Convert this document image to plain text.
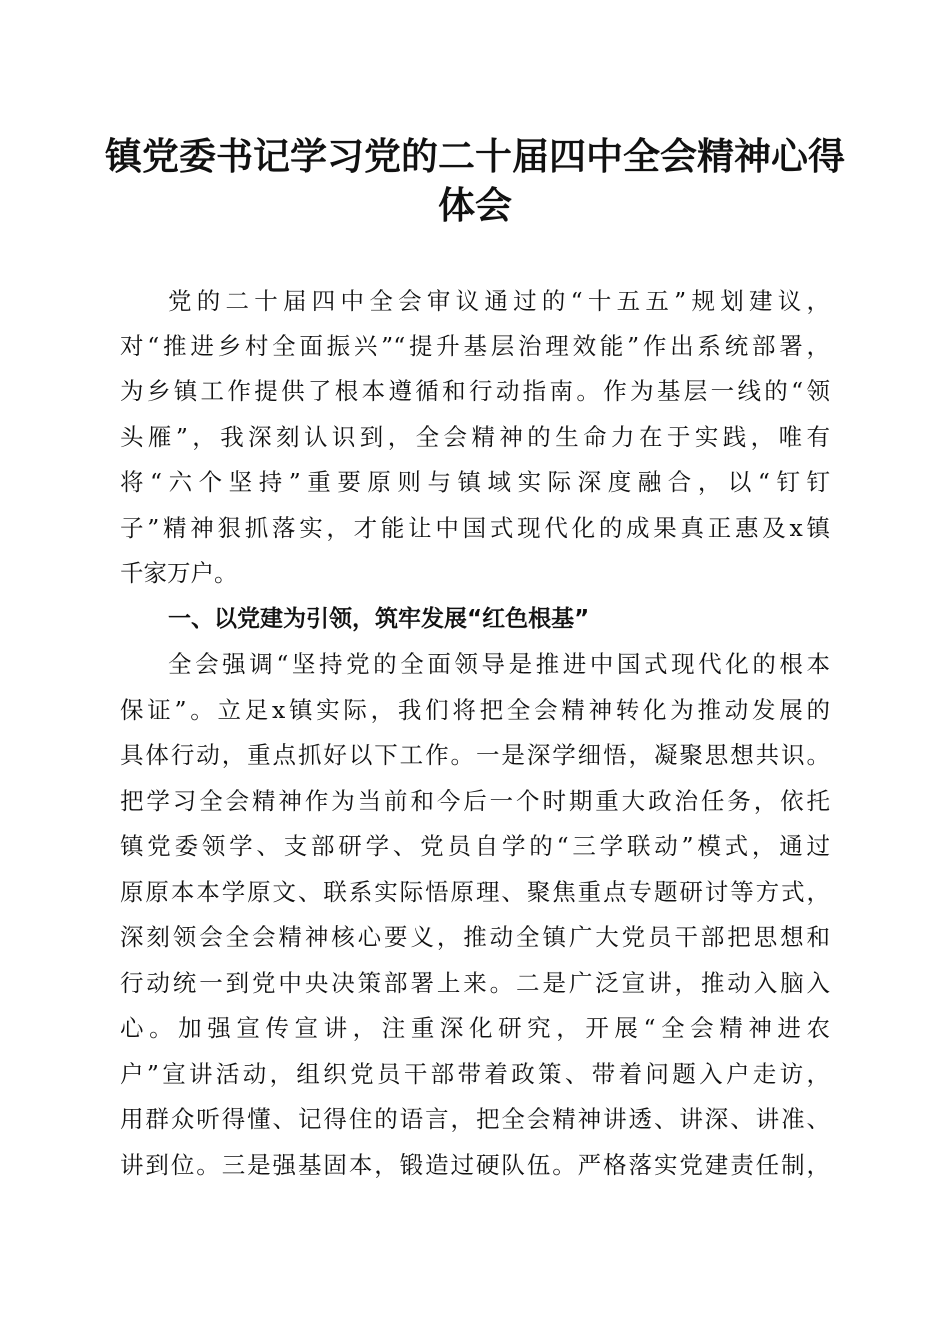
镇党委书记学习党的二十届四中全会精神心得
体会
党的二十届四中全会审议通过的“十五五”规划建议，
对“推进乡村全面振兴”“提升基层治理效能”作出系统部署，
为乡镇工作提供了根本遵循和行动指南。作为基层一线的“领
头雁”，我深刻认识到，全会精神的生命力在于实践，唯有
将“六个坚持”重要原则与镇域实际深度融合，以“钉钉
子”精神狠抓落实，才能让中国式现代化的成果真正惠及x镇
千家万户。
一、以党建为引领，筑牢发展“红色根基”
全会强调“坚持党的全面领导是推进中国式现代化的根本
保证”。立足x镇实际，我们将把全会精神转化为推动发展的
具体行动，重点抓好以下工作。一是深学细悟，凝聚思想共识。
把学习全会精神作为当前和今后一个时期重大政治任务，依托
镇党委领学、支部研学、党员自学的“三学联动”模式，通过
原原本本学原文、联系实际悟原理、聚焦重点专题研讨等方式，
深刻领会全会精神核心要义，推动全镇广大党员干部把思想和
行动统一到党中央决策部署上来。二是广泛宣讲，推动入脑入
心。加强宣传宣讲，注重深化研究，开展“全会精神进农
户”宣讲活动，组织党员干部带着政策、带着问题入户走访，
用群众听得懂、记得住的语言，把全会精神讲透、讲深、讲准、
讲到位。三是强基固本，锻造过硬队伍。严格落实党建责任制，
